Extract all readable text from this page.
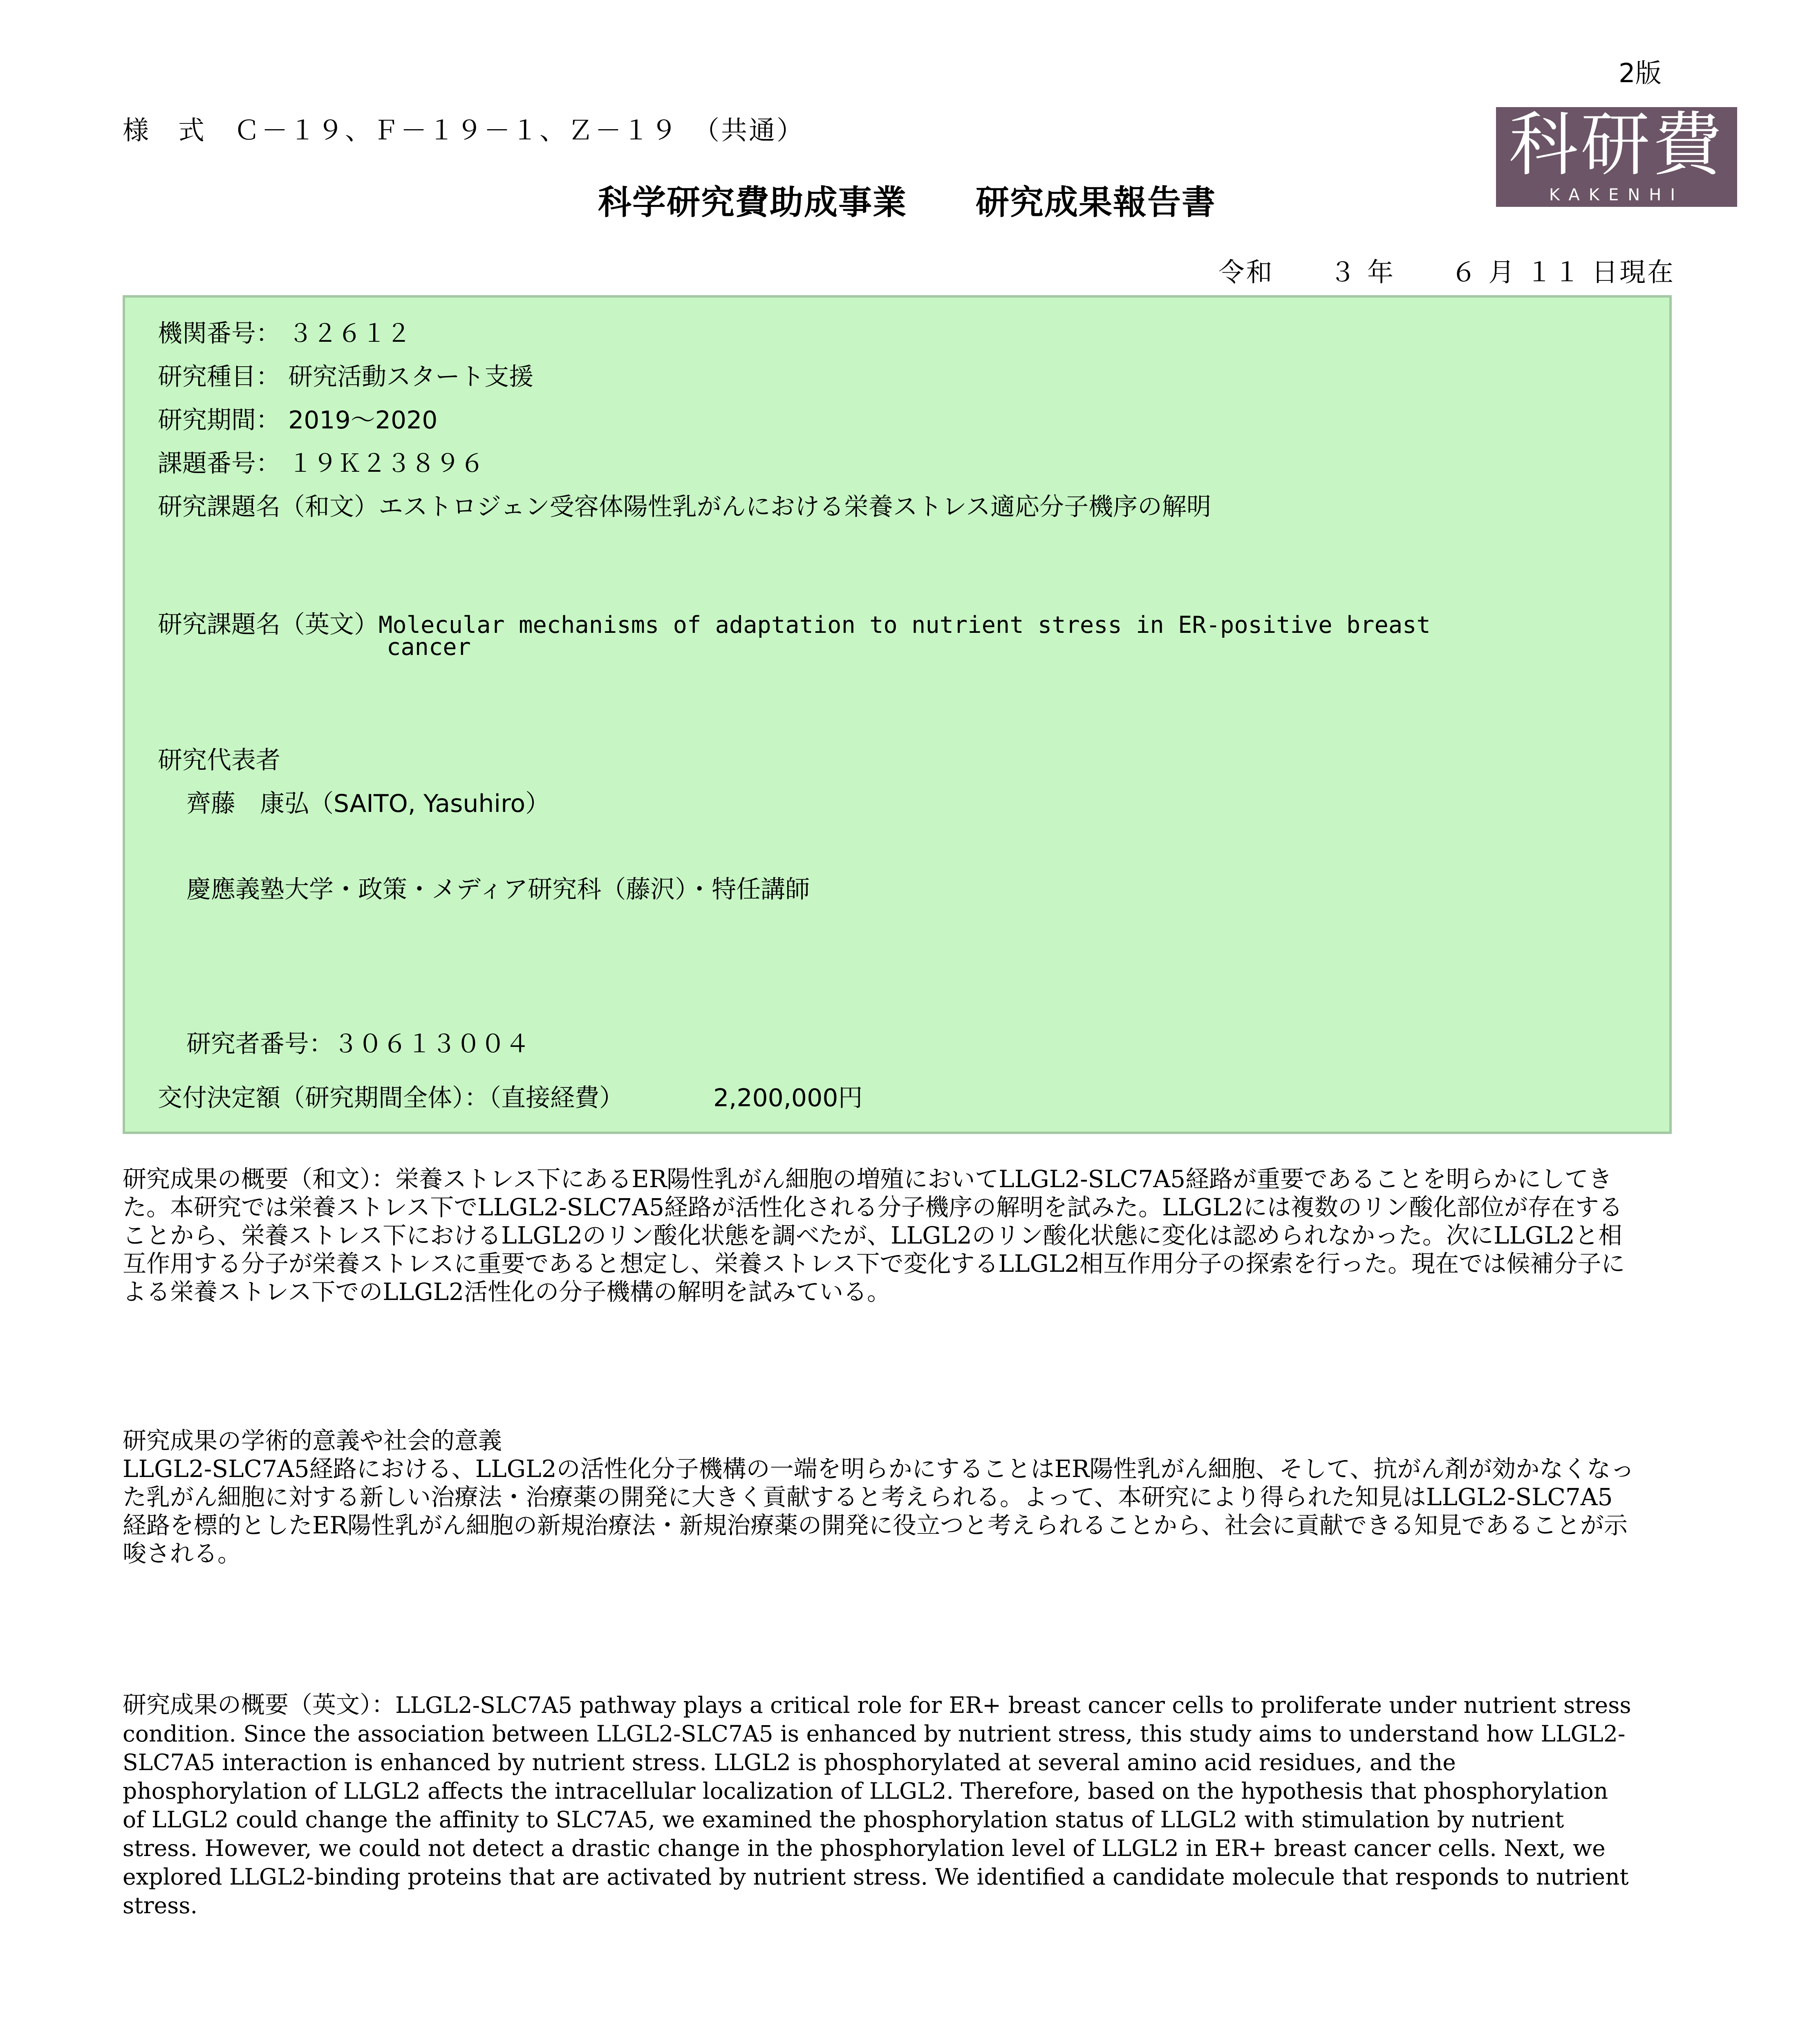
2版
様　式　Ｃ－１９、Ｆ－１９－１、Ｚ－１９　（共通）
科学研究費助成事業　　研究成果報告書
令和　　３ 年　　６ 月 １１ 日現在
科研費
KAKENHI
機関番号： ３２６１２
研究種目： 研究活動スタート支援
研究期間： 2019～2020
課題番号： １９Ｋ２３８９６
研究課題名（和文）エストロジェン受容体陽性乳がんにおける栄養ストレス適応分子機序の解明
研究課題名（英文）Molecular mechanisms of adaptation to nutrient stress in ER-positive breast
cancer
研究代表者
齊藤　康弘（SAITO, Yasuhiro）
慶應義塾大学・政策・メディア研究科（藤沢）・特任講師
研究者番号：３０６１３００４
交付決定額（研究期間全体）：（直接経費）	2,200,000円
研究成果の概要（和文）：栄養ストレス下にあるER陽性乳がん細胞の増殖においてLLGL2-SLC7A5経路が重要であることを明らかにしてきた。本研究では栄養ストレス下でLLGL2-SLC7A5経路が活性化される分子機序の解明を試みた。LLGL2には複数のリン酸化部位が存在することから、栄養ストレス下におけるLLGL2のリン酸化状態を調べたが、LLGL2のリン酸化状態に変化は認められなかった。次にLLGL2と相互作用する分子が栄養ストレスに重要であると想定し、栄養ストレス下で変化するLLGL2相互作用分子の探索を行った。現在では候補分子による栄養ストレス下でのLLGL2活性化の分子機構の解明を試みている。
研究成果の学術的意義や社会的意義
LLGL2-SLC7A5経路における、LLGL2の活性化分子機構の一端を明らかにすることはER陽性乳がん細胞、そして、抗がん剤が効かなくなった乳がん細胞に対する新しい治療法・治療薬の開発に大きく貢献すると考えられる。よって、本研究により得られた知見はLLGL2-SLC7A5経路を標的としたER陽性乳がん細胞の新規治療法・新規治療薬の開発に役立つと考えられることから、社会に貢献できる知見であることが示唆される。
研究成果の概要（英文）：LLGL2-SLC7A5 pathway plays a critical role for ER+ breast cancer cells to proliferate under nutrient stress condition. Since the association between LLGL2-SLC7A5 is enhanced by nutrient stress, this study aims to understand how LLGL2-SLC7A5 interaction is enhanced by nutrient stress. LLGL2 is phosphorylated at several amino acid residues, and the phosphorylation of LLGL2 affects the intracellular localization of LLGL2. Therefore, based on the hypothesis that phosphorylation of LLGL2 could change the affinity to SLC7A5, we examined the phosphorylation status of LLGL2 with stimulation by nutrient stress. However, we could not detect a drastic change in the phosphorylation level of LLGL2 in ER+ breast cancer cells. Next, we explored LLGL2-binding proteins that are activated by nutrient stress. We identified a candidate molecule that responds to nutrient stress.
